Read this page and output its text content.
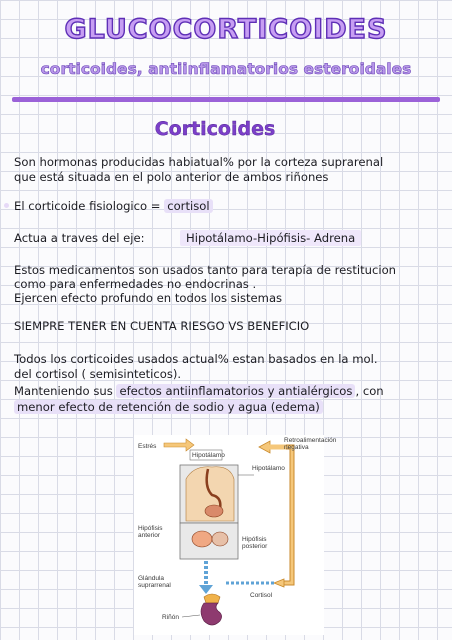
GLUCOCORTICOIDES
corticoides, antiinflamatorios esteroidales
Corticoides
Son hormonas producidas habiatual% por la corteza suprarenal
que está situada en el polo anterior de ambos riñones
El corticoide fisiologico = cortisol
Actua a traves del eje:	Hipotálamo-Hipófisis- Adrena
Estos medicamentos son usados tanto para terapía de restitucion
como para enfermedades no endocrinas .
Ejercen efecto profundo en todos los sistemas
SIEMPRE TENER EN CUENTA RIESGO VS BENEFICIO
Todos los corticoides usados actual% estan basados en la mol.
del cortisol ( semisinteticos).
Manteniendo sus efectos antiinflamatorios y antialérgicos , con
menor efecto de retención de sodio y agua (edema)
Estrés
Retroalimentación
negativa
Hipotálamo
Hipotálamo
Hipófisis
anterior
Hipófisis
posterior
Glándula
suprarrenal
Riñón
Cortisol
